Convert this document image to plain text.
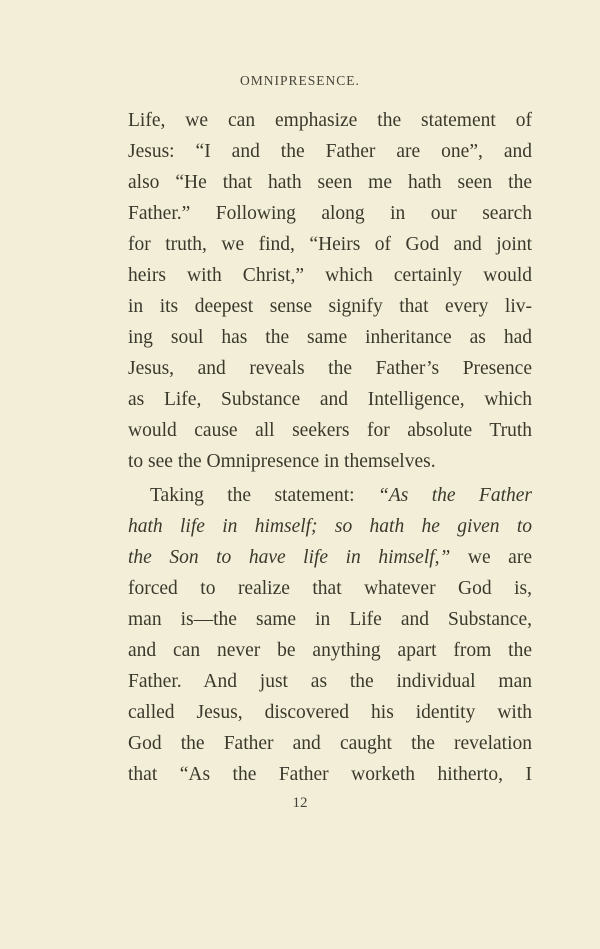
OMNIPRESENCE.
Life, we can emphasize the statement of
Jesus: “I and the Father are one”, and
also “He that hath seen me hath seen the
Father.” Following along in our search
for truth, we find, “Heirs of God and joint
heirs with Christ,” which certainly would
in its deepest sense signify that every liv-
ing soul has the same inheritance as had
Jesus, and reveals the Father’s Presence
as Life, Substance and Intelligence, which
would cause all seekers for absolute Truth
to see the Omnipresence in themselves.
Taking the statement: “As the Father
hath life in himself; so hath he given to
the Son to have life in himself,” we are
forced to realize that whatever God is,
man is—the same in Life and Substance,
and can never be anything apart from the
Father. And just as the individual man
called Jesus, discovered his identity with
God the Father and caught the revelation
that “As the Father worketh hitherto, I
12
